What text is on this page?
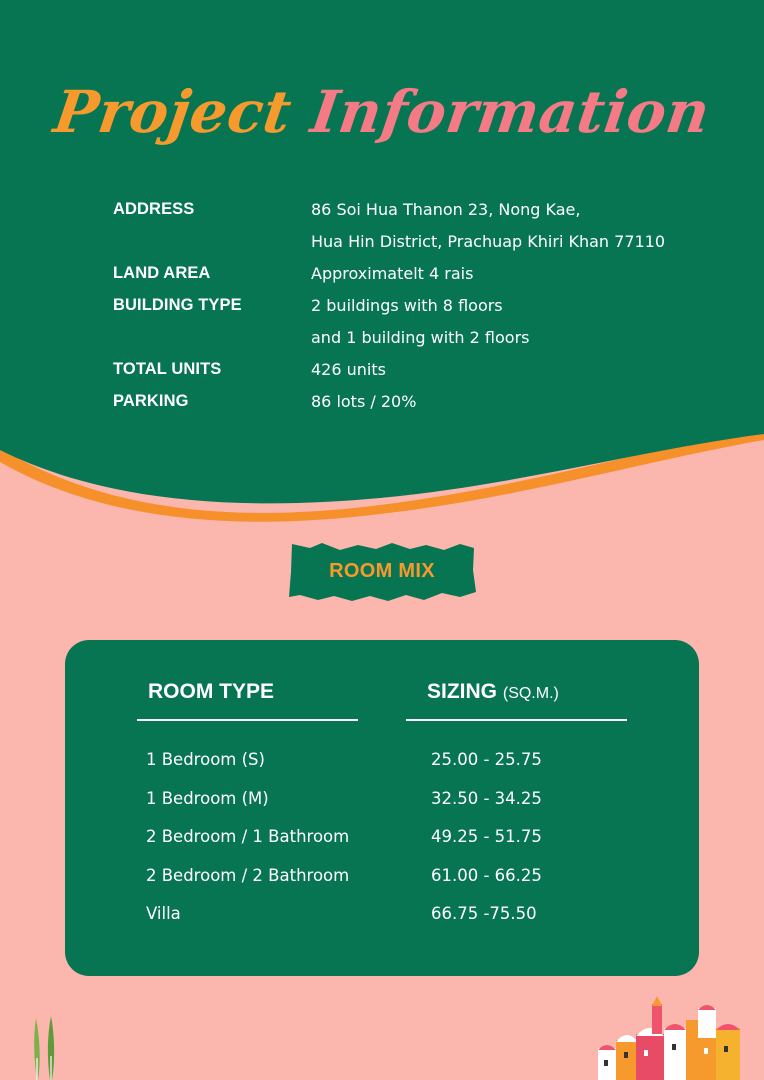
Project Information
ADDRESS	86 Soi Hua Thanon 23, Nong Kae,
Hua Hin District, Prachuap Khiri Khan 77110
LAND AREA	Approximatelt 4 rais
BUILDING TYPE	2 buildings with 8 floors
and 1 building with 2 floors
TOTAL UNITS	426 units
PARKING	86 lots / 20%
ROOM MIX
ROOM TYPE	SIZING (SQ.M.)
1 Bedroom (S)	25.00 - 25.75
1 Bedroom (M)	32.50 - 34.25
2 Bedroom / 1 Bathroom	49.25 - 51.75
2 Bedroom / 2 Bathroom	61.00 - 66.25
Villa	66.75 -75.50
